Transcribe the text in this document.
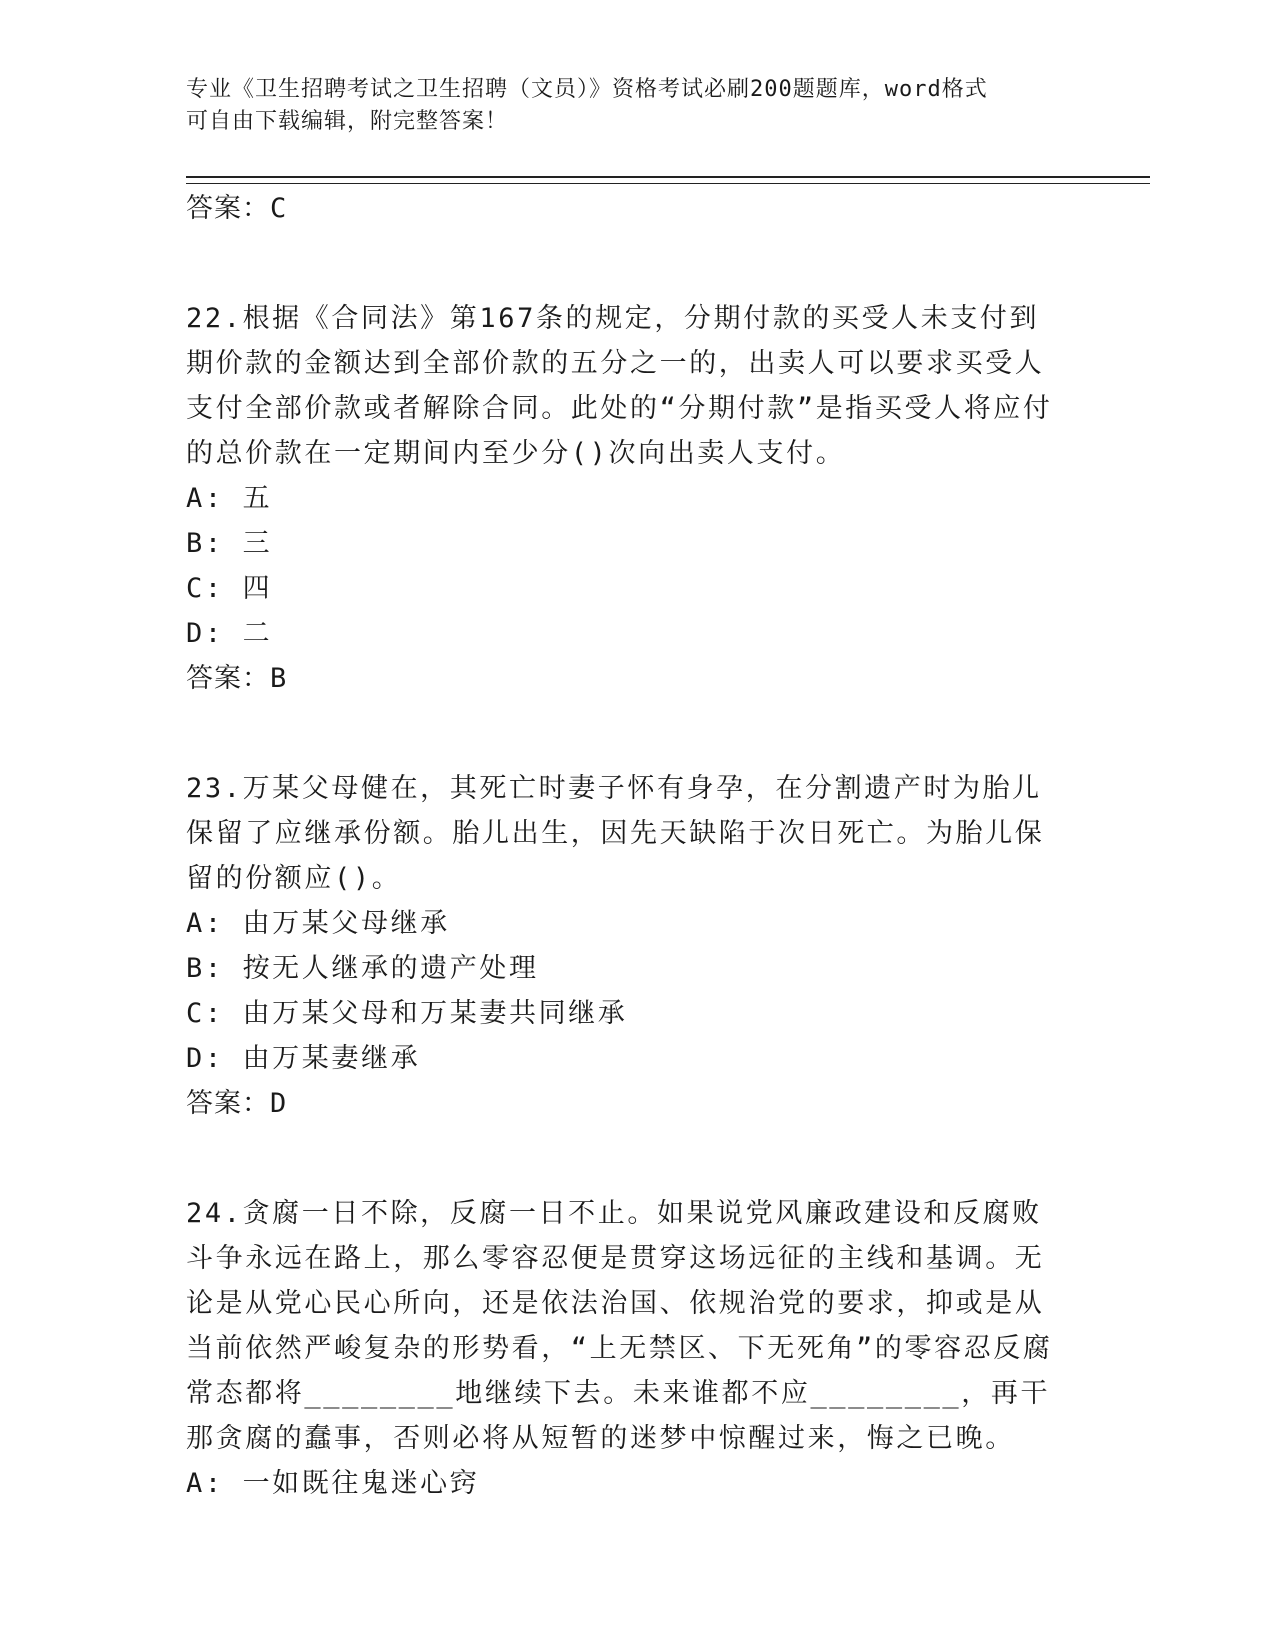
专业《卫生招聘考试之卫生招聘（文员）》资格考试必刷200题题库，word格式
可自由下载编辑，附完整答案！
答案：C
22.根据《合同法》第167条的规定，分期付款的买受人未支付到期价款的金额达到全部价款的五分之一的，出卖人可以要求买受人支付全部价款或者解除合同。此处的“分期付款”是指买受人将应付的总价款在一定期间内至少分()次向出卖人支付。
A: 五
B: 三
C: 四
D: 二
答案：B
23.万某父母健在，其死亡时妻子怀有身孕，在分割遗产时为胎儿保留了应继承份额。胎儿出生，因先天缺陷于次日死亡。为胎儿保留的份额应()。
A: 由万某父母继承
B: 按无人继承的遗产处理
C: 由万某父母和万某妻共同继承
D: 由万某妻继承
答案：D
24.贪腐一日不除，反腐一日不止。如果说党风廉政建设和反腐败斗争永远在路上，那么零容忍便是贯穿这场远征的主线和基调。无论是从党心民心所向，还是依法治国、依规治党的要求，抑或是从当前依然严峻复杂的形势看，“上无禁区、下无死角”的零容忍反腐常态都将________地继续下去。未来谁都不应________，再干那贪腐的蠢事，否则必将从短暂的迷梦中惊醒过来，悔之已晚。
A: 一如既往鬼迷心窍
